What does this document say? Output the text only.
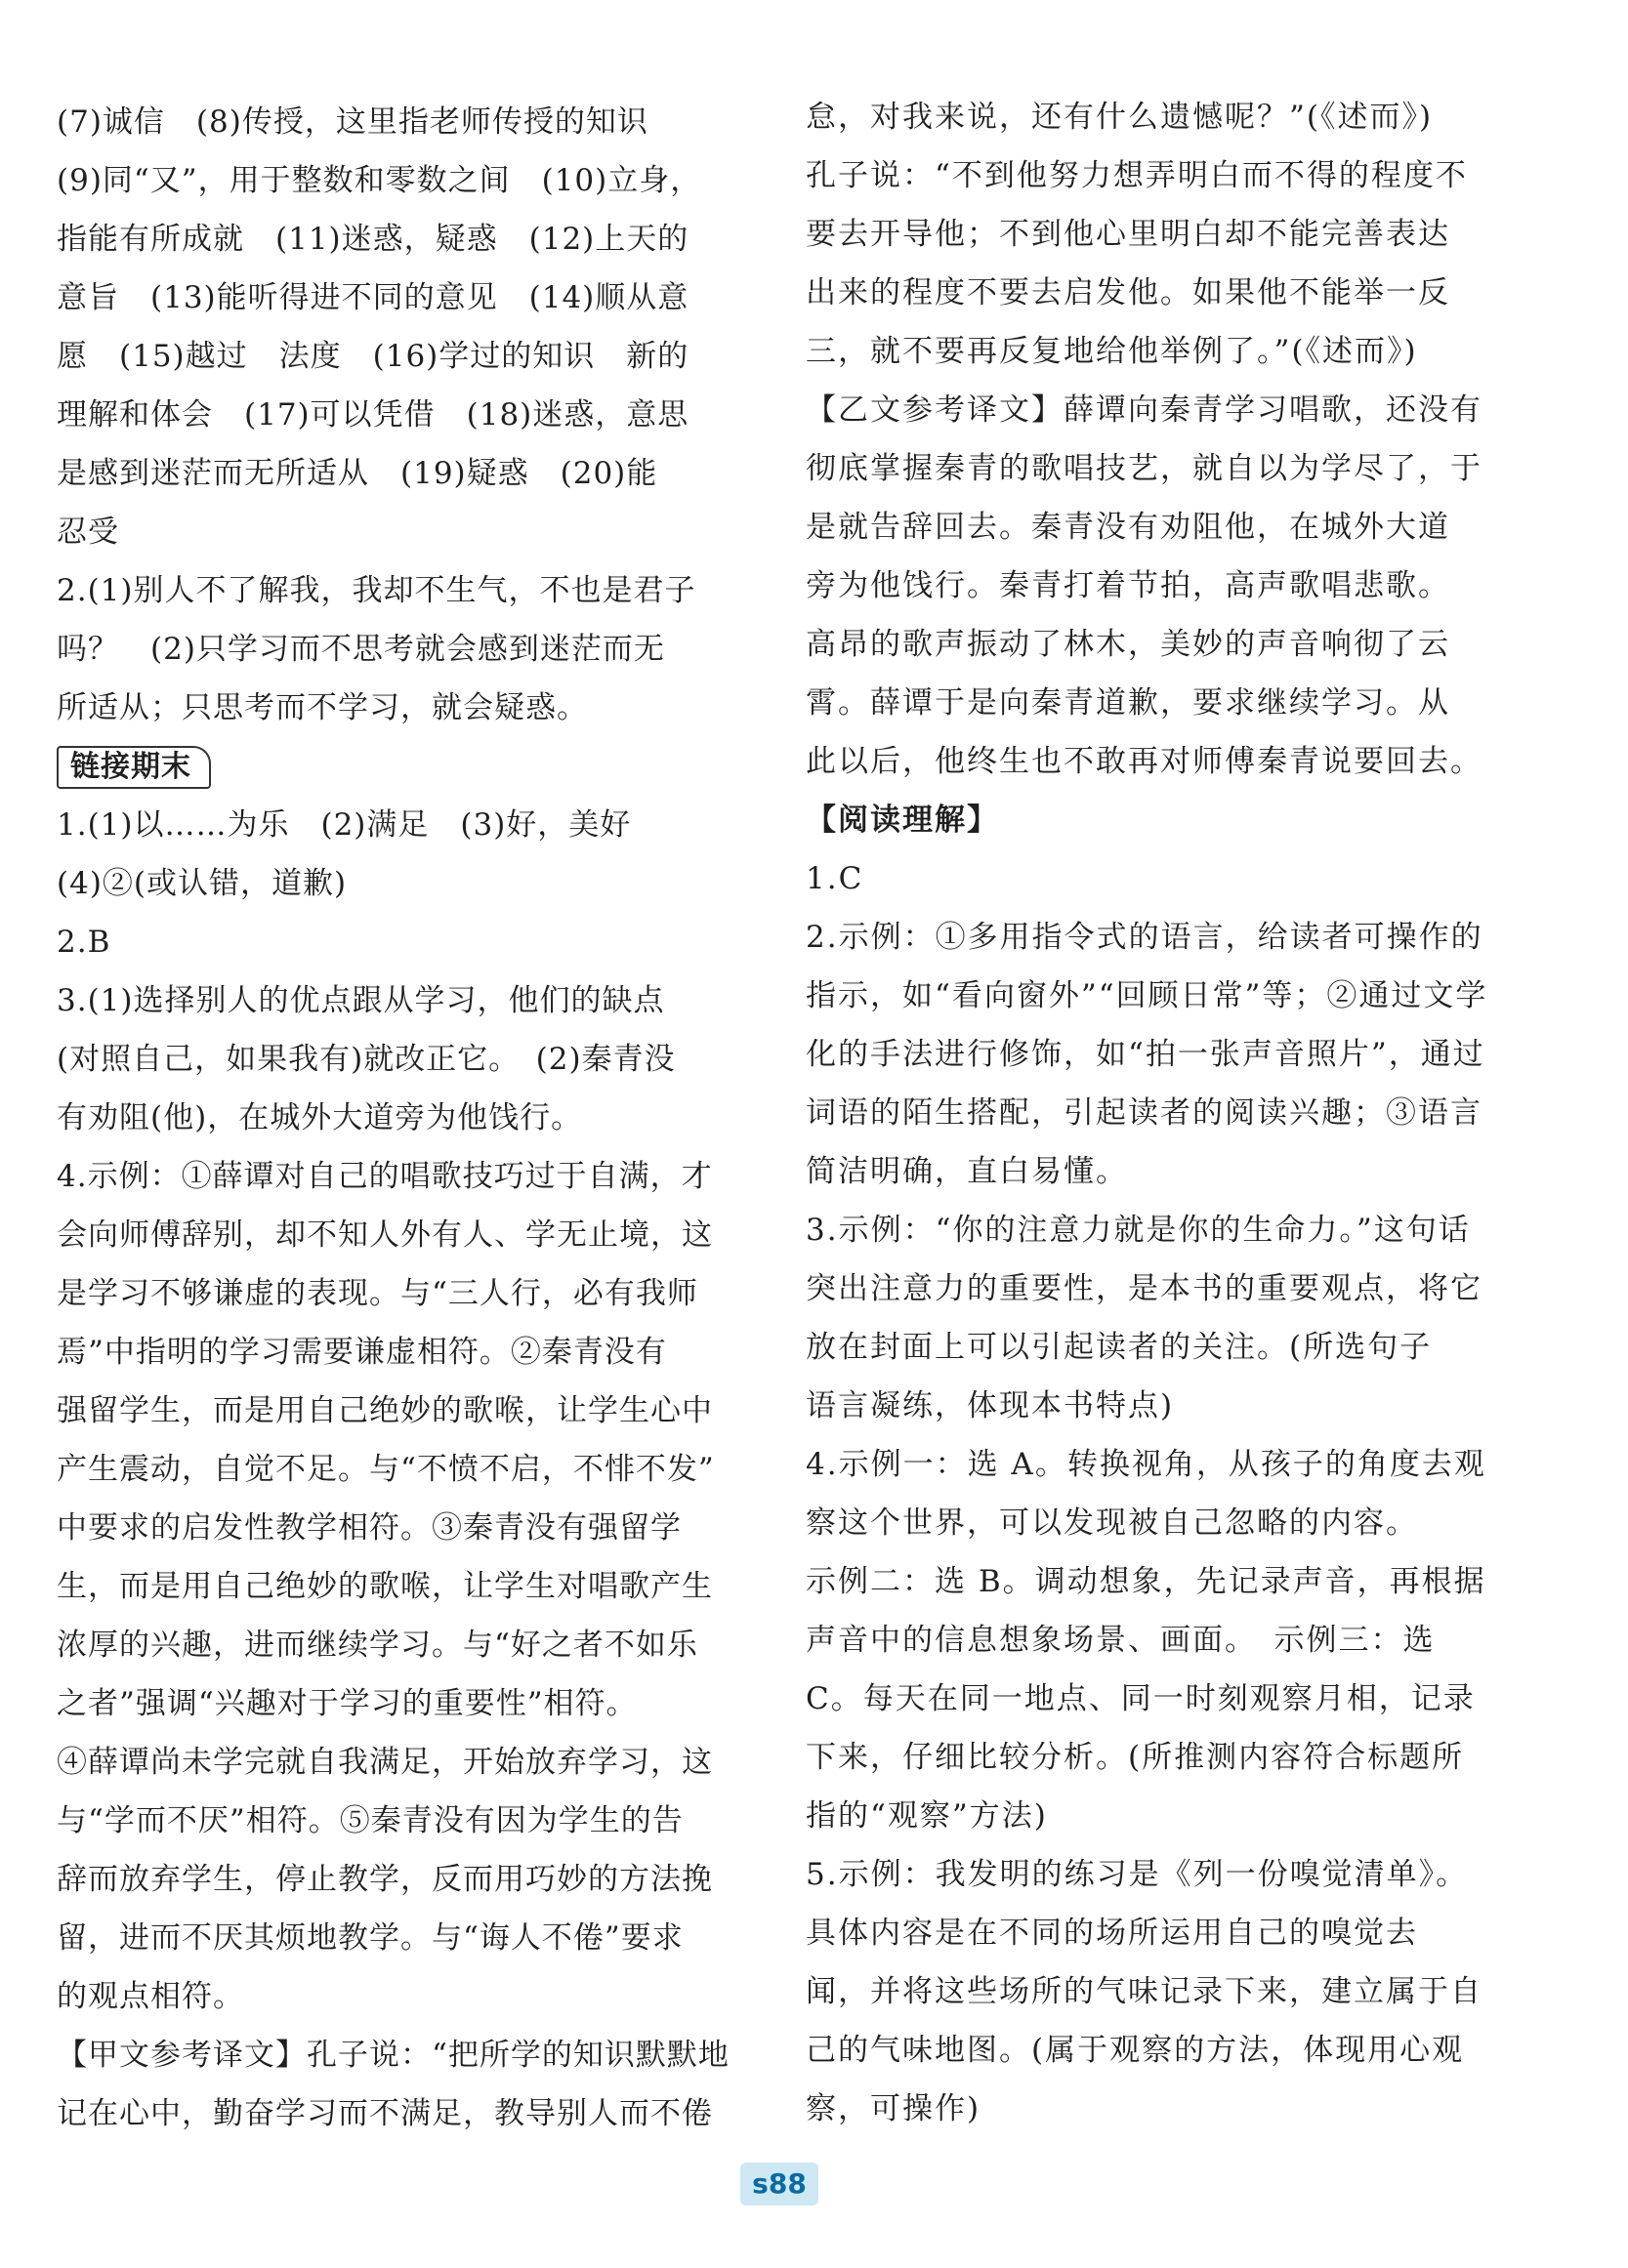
(7)诚信　(8)传授，这里指老师传授的知识

(9)同“又”，用于整数和零数之间　(10)立身，

指能有所成就　(11)迷惑，疑惑　(12)上天的

意旨　(13)能听得进不同的意见　(14)顺从意

愿　(15)越过　法度　(16)学过的知识　新的

理解和体会　(17)可以凭借　(18)迷惑，意思

是感到迷茫而无所适从　(19)疑惑　(20)能

忍受

2.(1)别人不了解我，我却不生气，不也是君子

吗？　(2)只学习而不思考就会感到迷茫而无

所适从；只思考而不学习，就会疑惑。

链接期末

1.(1)以……为乐　(2)满足　(3)好，美好

(4)②(或认错，道歉)

2.B

3.(1)选择别人的优点跟从学习，他们的缺点

(对照自己，如果我有)就改正它。　(2)秦青没

有劝阻(他)，在城外大道旁为他饯行。

4.示例：①薛谭对自己的唱歌技巧过于自满，才

会向师傅辞别，却不知人外有人、学无止境，这

是学习不够谦虚的表现。与“三人行，必有我师

焉”中指明的学习需要谦虚相符。②秦青没有

强留学生，而是用自己绝妙的歌喉，让学生心中

产生震动，自觉不足。与“不愤不启，不悱不发”

中要求的启发性教学相符。③秦青没有强留学

生，而是用自己绝妙的歌喉，让学生对唱歌产生

浓厚的兴趣，进而继续学习。与“好之者不如乐

之者”强调“兴趣对于学习的重要性”相符。

④薛谭尚未学完就自我满足，开始放弃学习，这

与“学而不厌”相符。⑤秦青没有因为学生的告

辞而放弃学生，停止教学，反而用巧妙的方法挽

留，进而不厌其烦地教学。与“诲人不倦”要求

的观点相符。

【甲文参考译文】孔子说：“把所学的知识默默地

记在心中，勤奋学习而不满足，教导别人而不倦

怠，对我来说，还有什么遗憾呢？”(《述而》)

孔子说：“不到他努力想弄明白而不得的程度不

要去开导他；不到他心里明白却不能完善表达

出来的程度不要去启发他。如果他不能举一反

三，就不要再反复地给他举例了。”(《述而》)

【乙文参考译文】薛谭向秦青学习唱歌，还没有

彻底掌握秦青的歌唱技艺，就自以为学尽了，于

是就告辞回去。秦青没有劝阻他，在城外大道

旁为他饯行。秦青打着节拍，高声歌唱悲歌。

高昂的歌声振动了林木，美妙的声音响彻了云

霄。薛谭于是向秦青道歉，要求继续学习。从

此以后，他终生也不敢再对师傅秦青说要回去。

【阅读理解】

1.C

2.示例：①多用指令式的语言，给读者可操作的

指示，如“看向窗外”“回顾日常”等；②通过文学

化的手法进行修饰，如“拍一张声音照片”，通过

词语的陌生搭配，引起读者的阅读兴趣；③语言

简洁明确，直白易懂。

3.示例：“你的注意力就是你的生命力。”这句话

突出注意力的重要性，是本书的重要观点，将它

放在封面上可以引起读者的关注。(所选句子

语言凝练，体现本书特点)

4.示例一：选 A。转换视角，从孩子的角度去观

察这个世界，可以发现被自己忽略的内容。

示例二：选 B。调动想象，先记录声音，再根据

声音中的信息想象场景、画面。　示例三：选

C。每天在同一地点、同一时刻观察月相，记录

下来，仔细比较分析。(所推测内容符合标题所

指的“观察”方法)

5.示例：我发明的练习是《列一份嗅觉清单》。

具体内容是在不同的场所运用自己的嗅觉去

闻，并将这些场所的气味记录下来，建立属于自

己的气味地图。(属于观察的方法，体现用心观

察，可操作)

s88
